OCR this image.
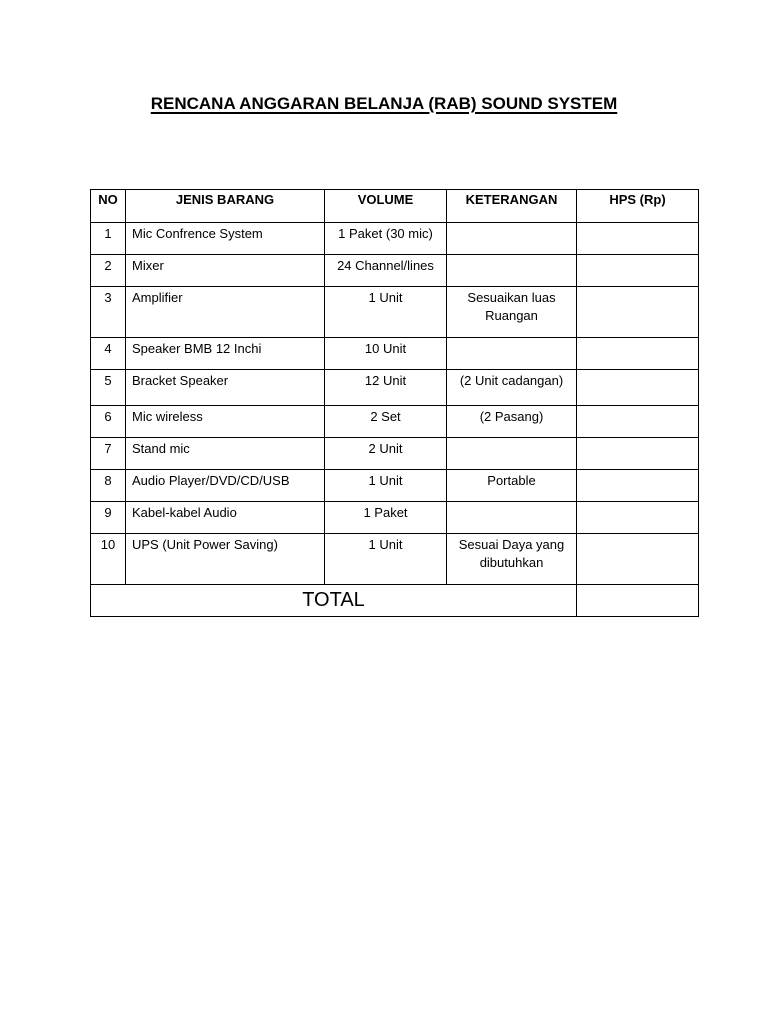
RENCANA ANGGARAN BELANJA (RAB) SOUND SYSTEM
NO	JENIS BARANG	VOLUME	KETERANGAN	HPS (Rp)
1	Mic Confrence System	1 Paket (30 mic)		
2	Mixer	24 Channel/lines		
3	Amplifier	1 Unit	Sesuaikan luas Ruangan	
4	Speaker BMB 12 Inchi	10 Unit		
5	Bracket Speaker	12 Unit	(2 Unit cadangan)	
6	Mic wireless	2 Set	(2 Pasang)	
7	Stand mic	2 Unit		
8	Audio Player/DVD/CD/USB	1 Unit	Portable	
9	Kabel-kabel Audio	1 Paket		
10	UPS (Unit Power Saving)	1 Unit	Sesuai Daya yang dibutuhkan	
TOTAL				
